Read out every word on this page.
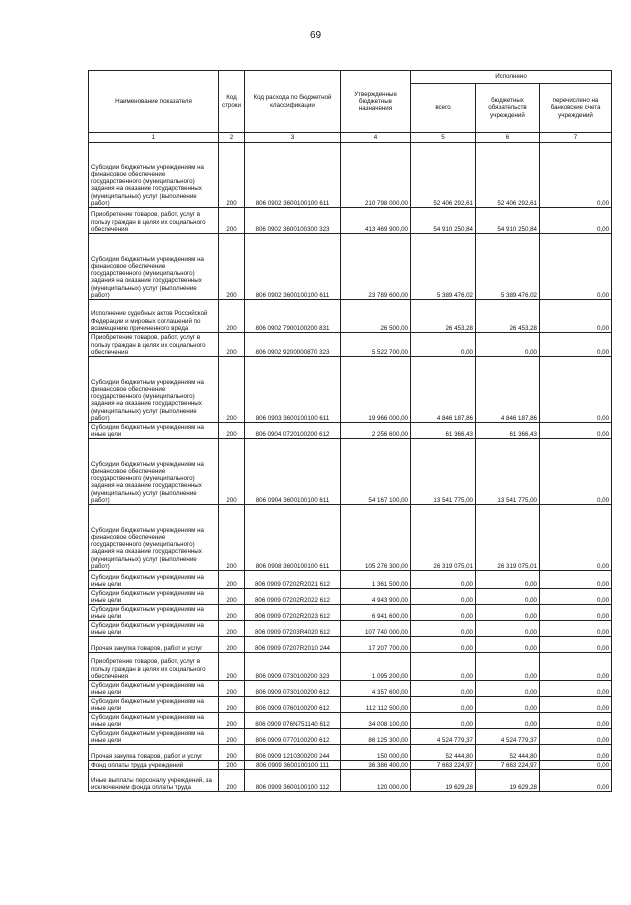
69
Наименование показателя	Код строки	Код расхода по бюджетной классификации	Утвержденные бюджетные назначения	Исполнено		
				всего	бюджетных обязательств учреждений	перечислено на банковские счета учреждений
1	2	3	4	5	6	7
Субсидии бюджетным учреждениям на финансовое обеспечение государственного (муниципального) задания на оказание государственных (муниципальных) услуг (выполнение работ)	200	806 0902 3600100100 611	210 798 000,00	52 406 292,61	52 406 292,61	0,00
Приобретение товаров, работ, услуг в пользу граждан в целях их социального обеспечения	200	806 0902 3600100300 323	413 469 900,00	54 910 250,84	54 910 250,84	0,00
Субсидии бюджетным учреждениям на финансовое обеспечение государственного (муниципального) задания на оказание государственных (муниципальных) услуг (выполнение работ)	200	806 0902 3600100100 611	23 789 600,00	5 389 476,02	5 389 476,02	0,00
Исполнение судебных актов Российской Федерации и мировых соглашений по возмещению причиненного вреда	200	806 0902 7900100200 831	26 500,00	26 453,28	26 453,28	0,00
Приобретение товаров, работ, услуг в пользу граждан в целях их социального обеспечения	200	806 0902 9200000870 323	5 522 700,00	0,00	0,00	0,00
Субсидии бюджетным учреждениям на финансовое обеспечение государственного (муниципального) задания на оказание государственных (муниципальных) услуг (выполнение работ)	200	806 0903 3600100100 611	19 966 000,00	4 846 187,86	4 846 187,86	0,00
Субсидии бюджетным учреждениям на иные цели	200	806 0904 0720100200 612	2 256 600,00	61 366,43	61 366,43	0,00
Субсидии бюджетным учреждениям на финансовое обеспечение государственного (муниципального) задания на оказание государственных (муниципальных) услуг (выполнение работ)	200	806 0904 3600100100 611	54 167 100,00	13 541 775,00	13 541 775,00	0,00
Субсидии бюджетным учреждениям на финансовое обеспечение государственного (муниципального) задания на оказание государственных (муниципальных) услуг (выполнение работ)	200	806 0908 3600100100 611	105 276 300,00	26 319 075,01	26 319 075,01	0,00
Субсидии бюджетным учреждениям на иные цели	200	806 0909 07202R2021 612	1 361 500,00	0,00	0,00	0,00
Субсидии бюджетным учреждениям на иные цели	200	806 0909 07202R2022 612	4 943 900,00	0,00	0,00	0,00
Субсидии бюджетным учреждениям на иные цели	200	806 0909 07202R2023 612	6 941 600,00	0,00	0,00	0,00
Субсидии бюджетным учреждениям на иные цели	200	806 0909 07203R4020 612	107 740 000,00	0,00	0,00	0,00
Прочая закупка товаров, работ и услуг	200	806 0909 07207R2010 244	17 207 700,00	0,00	0,00	0,00
Приобретение товаров, работ, услуг в пользу граждан в целях их социального обеспечения	200	806 0909 0730100200 323	1 095 200,00	0,00	0,00	0,00
Субсидии бюджетным учреждениям на иные цели	200	806 0909 0730100200 612	4 357 600,00	0,00	0,00	0,00
Субсидии бюджетным учреждениям на иные цели	200	806 0909 0760100200 612	112 112 500,00	0,00	0,00	0,00
Субсидии бюджетным учреждениям на иные цели	200	806 0909 076N751140 612	34 008 100,00	0,00	0,00	0,00
Субсидии бюджетным учреждениям на иные цели	200	806 0909 0770100200 612	86 125 300,00	4 524 779,37	4 524 779,37	0,00
Прочая закупка товаров, работ и услуг	200	806 0909 1210300200 244	150 000,00	52 444,80	52 444,80	0,00
Фонд оплаты труда учреждений	200	806 0909 3600100100 111	36 386 400,00	7 663 224,97	7 663 224,97	0,00
Иные выплаты персоналу учреждений, за исключением фонда оплаты труда	200	806 0909 3600100100 112	120 000,00	19 629,28	19 629,28	0,00
